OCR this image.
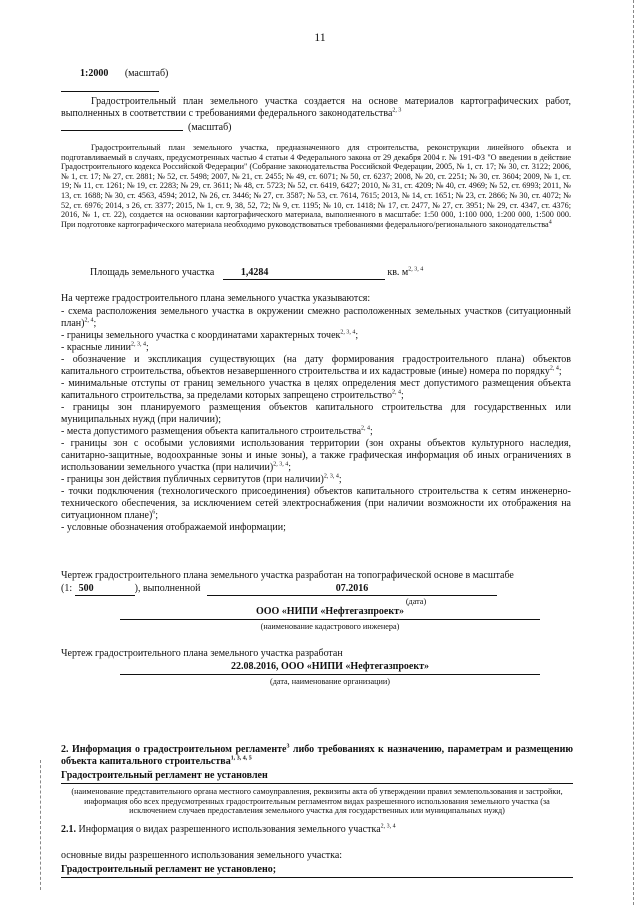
11
1:2000 (масштаб)
Градостроительный план земельного участка создается на основе материалов картографических работ, выполненных в соответствии с требованиями федерального законодательства$^{2, 3}$
(масштаб)
Градостроительный план земельного участка, предназначенного для строительства, реконструкции линейного объекта и подготавливаемый в случаях, предусмотренных частью 4 статьи 4 Федерального закона от 29 декабря 2004 г. № 191-ФЗ "О введении в действие Градостроительного кодекса Российской Федерации" (Собрание законодательства Российской Федерации, 2005, № 1, ст. 17; № 30, ст. 3122; 2006, № 1, ст. 17; № 27, ст. 2881; № 52, ст. 5498; 2007, № 21, ст. 2455; № 49, ст. 6071; № 50, ст. 6237; 2008, № 20, ст. 2251; № 30, ст. 3604; 2009, № 1, ст. 19; № 11, ст. 1261; № 19, ст. 2283; № 29, ст. 3611; № 48, ст. 5723; № 52, ст. 6419, 6427; 2010, № 31, ст. 4209; № 40, ст. 4969; № 52, ст. 6993; 2011, № 13, ст. 1688; № 30, ст. 4563, 4594; 2012, № 26, ст. 3446; № 27, ст. 3587; № 53, ст. 7614, 7615; 2013, № 14, ст. 1651; № 23, ст. 2866; № 30, ст. 4072; № 52, ст. 6976; 2014, з 26, ст. 3377; 2015, № 1, ст. 9, 38, 52, 72; № 9, ст. 1195; № 10, ст. 1418; № 17, ст. 2477, № 27, ст. 3951; № 29, ст. 4347, ст. 4376; 2016, № 1, ст. 22), создается на основании картографического материала, выполненного в масштабе: 1:50 000, 1:100 000, 1:200 000, 1:500 000. При подготовке картографического материала необходимо руководствоваться требованиями федерального/регионального законодательства$^4$
Площадь земельного участка	1,4284	кв. $м^{2, 3, 4}$
На чертеже градостроительного плана земельного участка указываются:

- схема расположения земельного участка в окружении смежно расположенных земельных участков (ситуационный план)$^{2, 4}$;

- границы земельного участка с координатами характерных точек$^{2, 3, 4}$;

- красные линии$^{2, 3, 4}$;

- обозначение и экспликация существующих (на дату формирования градостроительного плана) объектов капитального строительства, объектов незавершенного строительства и их кадастровые (иные) номера по порядку$^{2, 4}$;

- минимальные отступы от границ земельного участка в целях определения мест допустимого размещения объекта капитального строительства, за пределами которых запрещено строительство$^{2, 4}$;

- границы зон планируемого размещения объектов капитального строительства для государственных или муниципальных нужд (при наличии);

- места допустимого размещения объекта капитального строительства$^{2, 4}$;

- границы зон с особыми условиями использования территории (зон охраны объектов культурного наследия, санитарно-защитные, водоохранные зоны и иные зоны), а также графическая информация об иных ограничениях в использовании земельного участка (при наличии)$^{2, 3, 4}$;

- границы зон действия публичных сервитутов (при наличии)$^{2, 3, 4}$;

- точки подключения (технологического присоединения) объектов капитального строительства к сетям инженерно-технического обеспечения, за исключением сетей электроснабжения (при наличии возможности их отображения на ситуационном плане)$^6$;

- условные обозначения отображаемой информации;

Чертеж градостроительного плана земельного участка разработан на топографической основе в масштабе
(1: 500	), выполненной	07.2016
(дата)
ООО «НИПИ «Нефтегазпроект»
(наименование кадастрового инженера)
Чертеж градостроительного плана земельного участка разработан
22.08.2016, ООО «НИПИ «Нефтегазпроект»
(дата, наименование организации)
2. Информация о градостроительном регламенте$^3$ либо требованиях к назначению, параметрам и размещению объекта капитального строительства$^{1, 3, 4, 5}$
Градостроительный регламент не установлен
(наименование представительного органа местного самоуправления, реквизиты акта об утверждении правил землепользования и застройки, информация обо всех предусмотренных градостроительным регламентом видах разрешенного использования земельного участка (за исключением случаев предоставления земельного участка для государственных или муниципальных нужд)
2.1. Информация о видах разрешенного использования земельного участка$^{2, 3, 4}$
основные виды разрешенного использования земельного участка:
Градостроительный регламент не установлено;
